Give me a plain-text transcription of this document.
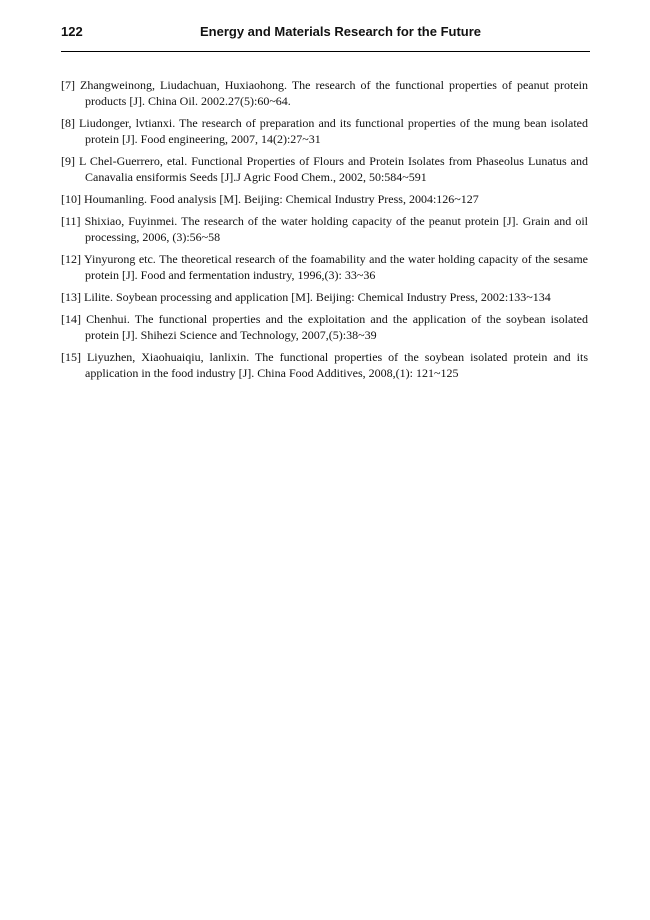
122	Energy and Materials Research for the Future
[7] Zhangweinong, Liudachuan, Huxiaohong. The research of the functional properties of peanut protein products [J]. China Oil. 2002.27(5):60~64.
[8] Liudonger, lvtianxi. The research of preparation and its functional properties of the mung bean isolated protein [J]. Food engineering, 2007, 14(2):27~31
[9] L Chel-Guerrero, etal. Functional Properties of Flours and Protein Isolates from Phaseolus Lunatus and Canavalia ensiformis Seeds [J].J Agric Food Chem., 2002, 50:584~591
[10] Houmanling. Food analysis [M]. Beijing: Chemical Industry Press, 2004:126~127
[11] Shixiao, Fuyinmei. The research of the water holding capacity of the peanut protein [J]. Grain and oil processing, 2006, (3):56~58
[12] Yinyurong etc. The theoretical research of the foamability and the water holding capacity of the sesame protein [J]. Food and fermentation industry, 1996,(3): 33~36
[13] Lilite. Soybean processing and application [M]. Beijing: Chemical Industry Press, 2002:133~134
[14] Chenhui. The functional properties and the exploitation and the application of the soybean isolated protein [J]. Shihezi Science and Technology, 2007,(5):38~39
[15] Liyuzhen, Xiaohuaiqiu, lanlixin. The functional properties of the soybean isolated protein and its application in the food industry [J]. China Food Additives, 2008,(1): 121~125
